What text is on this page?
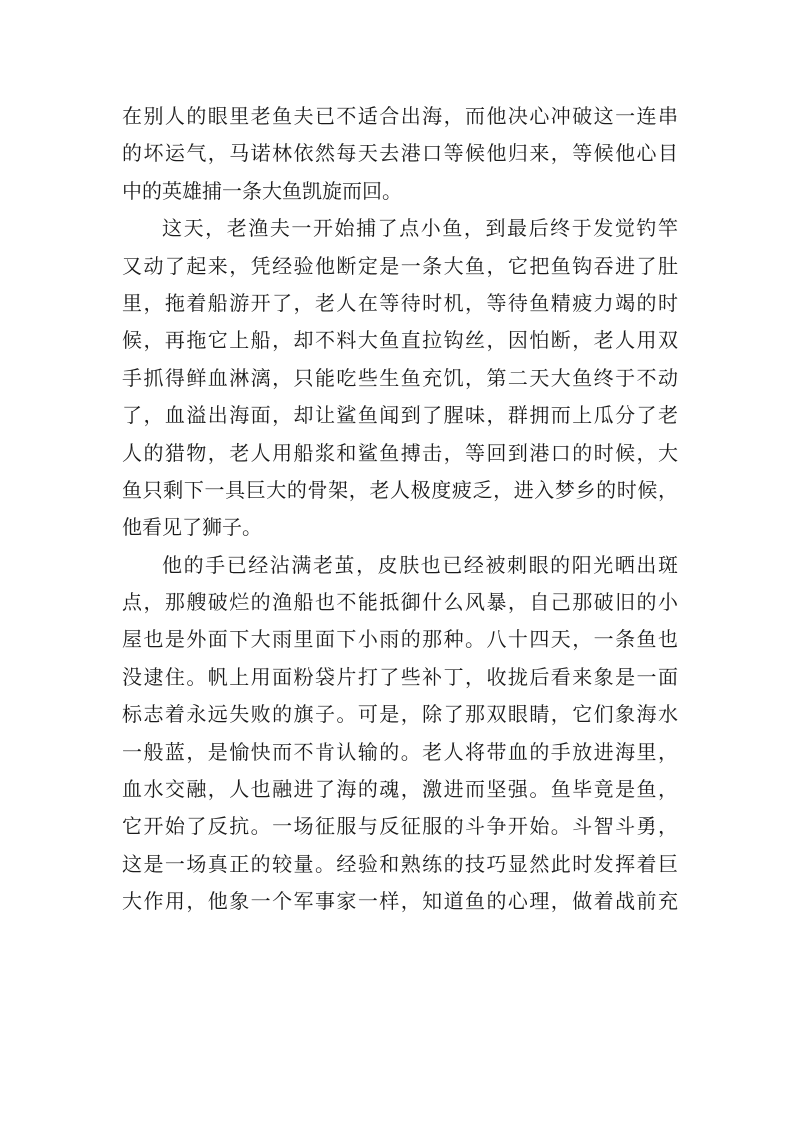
在别人的眼里老鱼夫已不适合出海，而他决心冲破这一连串
的坏运气，马诺林依然每天去港口等候他归来，等候他心目
中的英雄捕一条大鱼凯旋而回。
这天，老渔夫一开始捕了点小鱼，到最后终于发觉钓竿
又动了起来，凭经验他断定是一条大鱼，它把鱼钩吞进了肚
里，拖着船游开了，老人在等待时机，等待鱼精疲力竭的时
候，再拖它上船，却不料大鱼直拉钩丝，因怕断，老人用双
手抓得鲜血淋漓，只能吃些生鱼充饥，第二天大鱼终于不动
了，血溢出海面，却让鲨鱼闻到了腥味，群拥而上瓜分了老
人的猎物，老人用船浆和鲨鱼搏击，等回到港口的时候，大
鱼只剩下一具巨大的骨架，老人极度疲乏，进入梦乡的时候，
他看见了狮子。
他的手已经沾满老茧，皮肤也已经被刺眼的阳光晒出斑
点，那艘破烂的渔船也不能抵御什么风暴，自己那破旧的小
屋也是外面下大雨里面下小雨的那种。八十四天，一条鱼也
没逮住。帆上用面粉袋片打了些补丁，收拢后看来象是一面
标志着永远失败的旗子。可是，除了那双眼睛，它们象海水
一般蓝，是愉快而不肯认输的。老人将带血的手放进海里，
血水交融，人也融进了海的魂，激进而坚强。鱼毕竟是鱼，
它开始了反抗。一场征服与反征服的斗争开始。斗智斗勇，
这是一场真正的较量。经验和熟练的技巧显然此时发挥着巨
大作用，他象一个军事家一样，知道鱼的心理，做着战前充
